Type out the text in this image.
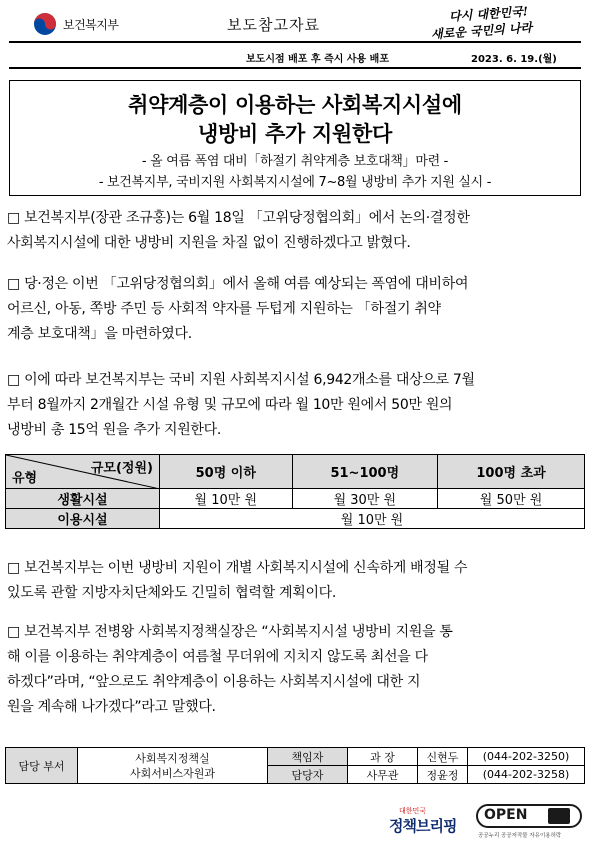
보건복지부	보도참고자료
다시 대한민국!
새로운 국민의 나라
보도시점 배포 후 즉시 사용 배포	2023. 6. 19.(월)
취약계층이 이용하는 사회복지시설에
냉방비 추가 지원한다
- 올 여름 폭염 대비「하절기 취약계층 보호대책」마련 -
- 보건복지부, 국비지원 사회복지시설에 7~8월 냉방비 추가 지원 실시 -
□ 보건복지부(장관 조규홍)는 6월 18일 「고위당정협의회」에서 논의·결정한
사회복지시설에 대한 냉방비 지원을 차질 없이 진행하겠다고 밝혔다.
□ 당·정은 이번 「고위당정협의회」에서 올해 여름 예상되는 폭염에 대비하여
어르신, 아동, 쪽방 주민 등 사회적 약자를 두텁게 지원하는 「하절기 취약
계층 보호대책」을 마련하였다.
□ 이에 따라 보건복지부는 국비 지원 사회복지시설 6,942개소를 대상으로 7월
부터 8월까지 2개월간 시설 유형 및 규모에 따라 월 10만 원에서 50만 원의
냉방비 총 15억 원을 추가 지원한다.
규모(정원)
유형	50명 이하	51~100명	100명 초과
생활시설	월 10만 원	월 30만 원	월 50만 원
이용시설	월 10만 원		
□ 보건복지부는 이번 냉방비 지원이 개별 사회복지시설에 신속하게 배정될 수
있도록 관할 지방자치단체와도 긴밀히 협력할 계획이다.
□ 보건복지부 전병왕 사회복지정책실장은 “사회복지시설 냉방비 지원을 통
해 이를 이용하는 취약계층이 여름철 무더위에 지치지 않도록 최선을 다
하겠다”라며, “앞으로도 취약계층이 이용하는 사회복지시설에 대한 지
원을 계속해 나가겠다”라고 말했다.
담당 부서	사회복지정책실
사회서비스자원과	책임자	과 장	신현두	(044-202-3250)
		담당자	사무관	정윤정	(044-202-3258)
대한민국
정책브리핑
OPEN
공공누리 공공저작물 자유이용허락
